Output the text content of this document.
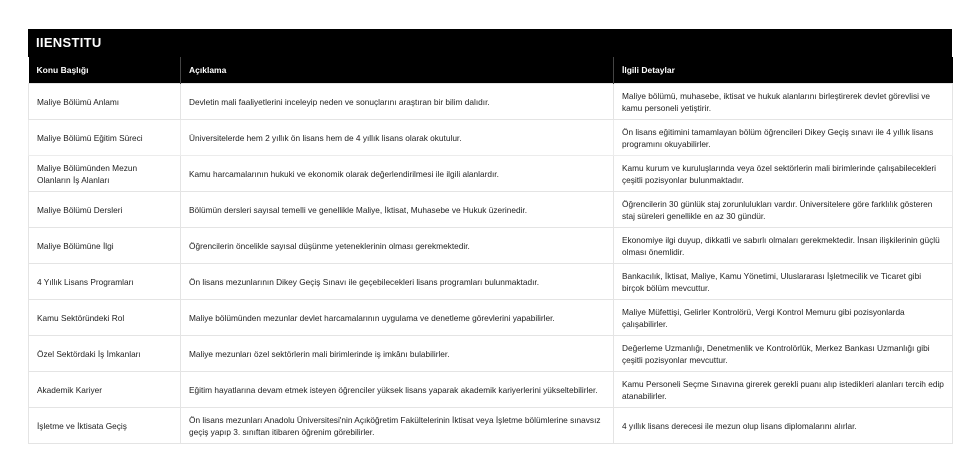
IIENSTITU
Konu Başlığı	Açıklama	İlgili Detaylar
Maliye Bölümü Anlamı	Devletin mali faaliyetlerini inceleyip neden ve sonuçlarını araştıran bir bilim dalıdır.	Maliye bölümü, muhasebe, iktisat ve hukuk alanlarını birleştirerek devlet görevlisi ve kamu personeli yetiştirir.
Maliye Bölümü Eğitim Süreci	Üniversitelerde hem 2 yıllık ön lisans hem de 4 yıllık lisans olarak okutulur.	Ön lisans eğitimini tamamlayan bölüm öğrencileri Dikey Geçiş sınavı ile 4 yıllık lisans programını okuyabilirler.
Maliye Bölümünden Mezun Olanların İş Alanları	Kamu harcamalarının hukuki ve ekonomik olarak değerlendirilmesi ile ilgili alanlardır.	Kamu kurum ve kuruluşlarında veya özel sektörlerin mali birimlerinde çalışabilecekleri çeşitli pozisyonlar bulunmaktadır.
Maliye Bölümü Dersleri	Bölümün dersleri sayısal temelli ve genellikle Maliye, İktisat, Muhasebe ve Hukuk üzerinedir.	Öğrencilerin 30 günlük staj zorunlulukları vardır. Üniversitelere göre farklılık gösteren staj süreleri genellikle en az 30 gündür.
Maliye Bölümüne İlgi	Öğrencilerin öncelikle sayısal düşünme yeteneklerinin olması gerekmektedir.	Ekonomiye ilgi duyup, dikkatli ve sabırlı olmaları gerekmektedir. İnsan ilişkilerinin güçlü olması önemlidir.
4 Yıllık Lisans Programları	Ön lisans mezunlarının Dikey Geçiş Sınavı ile geçebilecekleri lisans programları bulunmaktadır.	Bankacılık, İktisat, Maliye, Kamu Yönetimi, Uluslararası İşletmecilik ve Ticaret gibi birçok bölüm mevcuttur.
Kamu Sektöründeki Rol	Maliye bölümünden mezunlar devlet harcamalarının uygulama ve denetleme görevlerini yapabilirler.	Maliye Müfettişi, Gelirler Kontrolörü, Vergi Kontrol Memuru gibi pozisyonlarda çalışabilirler.
Özel Sektördaki İş İmkanları	Maliye mezunları özel sektörlerin mali birimlerinde iş imkânı bulabilirler.	Değerleme Uzmanlığı, Denetmenlik ve Kontrolörlük, Merkez Bankası Uzmanlığı gibi çeşitli pozisyonlar mevcuttur.
Akademik Kariyer	Eğitim hayatlarına devam etmek isteyen öğrenciler yüksek lisans yaparak akademik kariyerlerini yükseltebilirler.	Kamu Personeli Seçme Sınavına girerek gerekli puanı alıp istedikleri alanları tercih edip atanabilirler.
İşletme ve İktisata Geçiş	Ön lisans mezunları Anadolu Üniversitesi'nin Açıköğretim Fakültelerinin İktisat veya İşletme bölümlerine sınavsız geçiş yapıp 3. sınıftan itibaren öğrenim görebilirler.	4 yıllık lisans derecesi ile mezun olup lisans diplomalarını alırlar.
